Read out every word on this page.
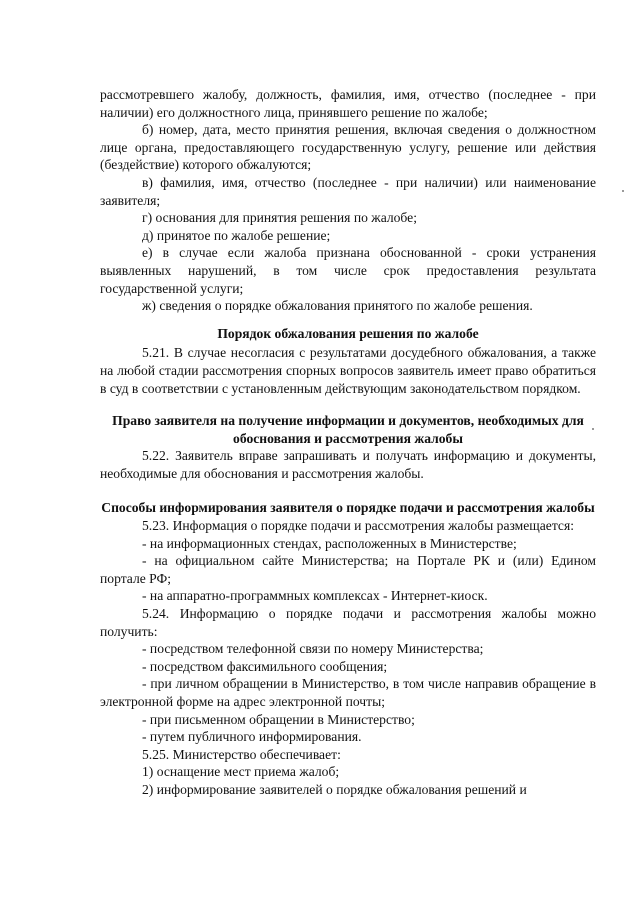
рассмотревшего жалобу, должность, фамилия, имя, отчество (последнее - при наличии) его должностного лица, принявшего решение по жалобе;

б) номер, дата, место принятия решения, включая сведения о должностном лице органа, предоставляющего государственную услугу, решение или действия (бездействие) которого обжалуются;

в) фамилия, имя, отчество (последнее - при наличии) или наименование заявителя;

г) основания для принятия решения по жалобе;

д) принятое по жалобе решение;

е) в случае если жалоба признана обоснованной - сроки устранения выявленных нарушений, в том числе срок предоставления результата государственной услуги;

ж) сведения о порядке обжалования принятого по жалобе решения.

Порядок обжалования решения по жалобе

5.21. В случае несогласия с результатами досудебного обжалования, а также на любой стадии рассмотрения спорных вопросов заявитель имеет право обратиться в суд в соответствии с установленным действующим законодательством порядком.

Право заявителя на получение информации и документов, необходимых для обоснования и рассмотрения жалобы

5.22. Заявитель вправе запрашивать и получать информацию и документы, необходимые для обоснования и рассмотрения жалобы.

Способы информирования заявителя о порядке подачи и рассмотрения жалобы

5.23. Информация о порядке подачи и рассмотрения жалобы размещается:

- на информационных стендах, расположенных в Министерстве;

- на официальном сайте Министерства; на Портале РК и (или) Едином портале РФ;

- на аппаратно-программных комплексах - Интернет-киоск.

5.24. Информацию о порядке подачи и рассмотрения жалобы можно получить:

- посредством телефонной связи по номеру Министерства;

- посредством факсимильного сообщения;

- при личном обращении в Министерство, в том числе направив обращение в электронной форме на адрес электронной почты;

- при письменном обращении в Министерство;

- путем публичного информирования.

5.25. Министерство обеспечивает:

1) оснащение мест приема жалоб;

2) информирование заявителей о порядке обжалования решений и
